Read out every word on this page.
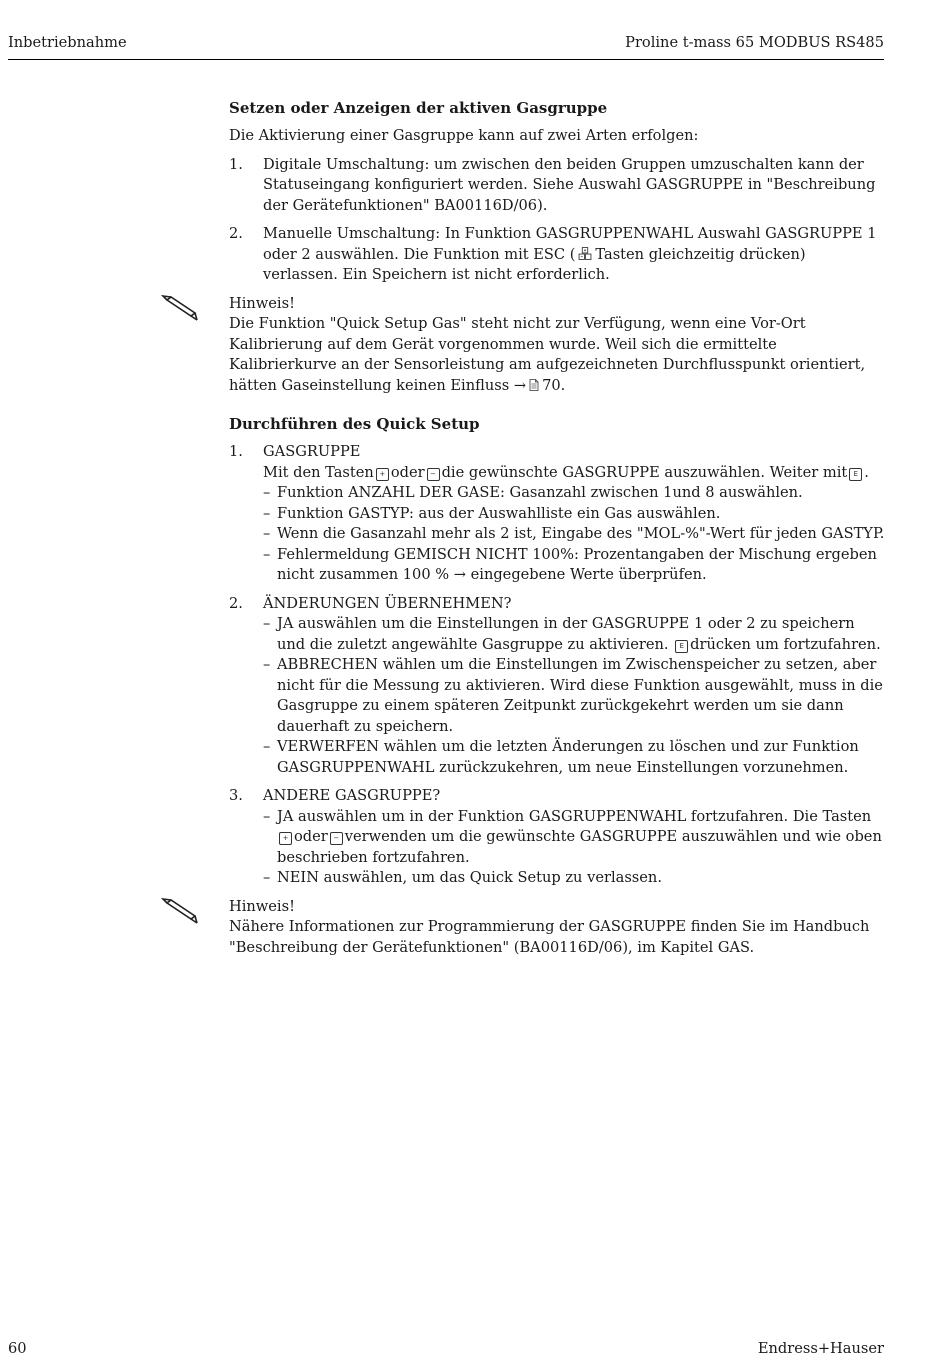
Inbetriebnahme	Proline t-mass 65 MODBUS RS485
Setzen oder Anzeigen der aktiven Gasgruppe

Die Aktivierung einer Gasgruppe kann auf zwei Arten erfolgen:

1. Digitale Umschaltung: um zwischen den beiden Gruppen umzuschalten kann der Statuseingang konfiguriert werden. Siehe Auswahl GASGRUPPE in "Beschreibung der Gerätefunktionen" BA00116D/06).
2. Manuelle Umschaltung: In Funktion GASGRUPPENWAHL Auswahl GASGRUPPE 1 oder 2 auswählen. Die Funktion mit ESC ( Tasten gleichzeitig drücken) verlassen. Ein Speichern ist nicht erforderlich.
Hinweis!
Die Funktion "Quick Setup Gas" steht nicht zur Verfügung, wenn eine Vor-Ort Kalibrierung auf dem Gerät vorgenommen wurde. Weil sich die ermittelte Kalibrierkurve an der Sensorleistung am aufgezeichneten Durchflusspunkt orientiert, hätten Gaseinstellung keinen Einfluss → 70.
Durchführen des Quick Setup
1. GASGRUPPE
Mit den Tasten + oder − die gewünschte GASGRUPPE auszuwählen. Weiter mit E .
– Funktion ANZAHL DER GASE: Gasanzahl zwischen 1und 8 auswählen.
– Funktion GASTYP: aus der Auswahlliste ein Gas auswählen.
– Wenn die Gasanzahl mehr als 2 ist, Eingabe des "MOL-%"-Wert für jeden GASTYP.
– Fehlermeldung GEMISCH NICHT 100%: Prozentangaben der Mischung ergeben nicht zusammen 100 % → eingegebene Werte überprüfen.
2. ÄNDERUNGEN ÜBERNEHMEN?
– JA auswählen um die Einstellungen in der GASGRUPPE 1 oder 2 zu speichern und die zuletzt angewählte Gasgruppe zu aktivieren. E drücken um fortzufahren.
– ABBRECHEN wählen um die Einstellungen im Zwischenspeicher zu setzen, aber nicht für die Messung zu aktivieren. Wird diese Funktion ausgewählt, muss in die Gasgruppe zu einem späteren Zeitpunkt zurückgekehrt werden um sie dann dauerhaft zu speichern.
– VERWERFEN wählen um die letzten Änderungen zu löschen und zur Funktion GASGRUPPENWAHL zurückzukehren, um neue Einstellungen vorzunehmen.
3. ANDERE GASGRUPPE?
– JA auswählen um in der Funktion GASGRUPPENWAHL fortzufahren. Die Tasten+ oder − verwenden um die gewünschte GASGRUPPE auszuwählen und wie oben beschrieben fortzufahren.
– NEIN auswählen, um das Quick Setup zu verlassen.
Hinweis!
Nähere Informationen zur Programmierung der GASGRUPPE finden Sie im Handbuch "Beschreibung der Gerätefunktionen" (BA00116D/06), im Kapitel GAS.
60	Endress+Hauser
